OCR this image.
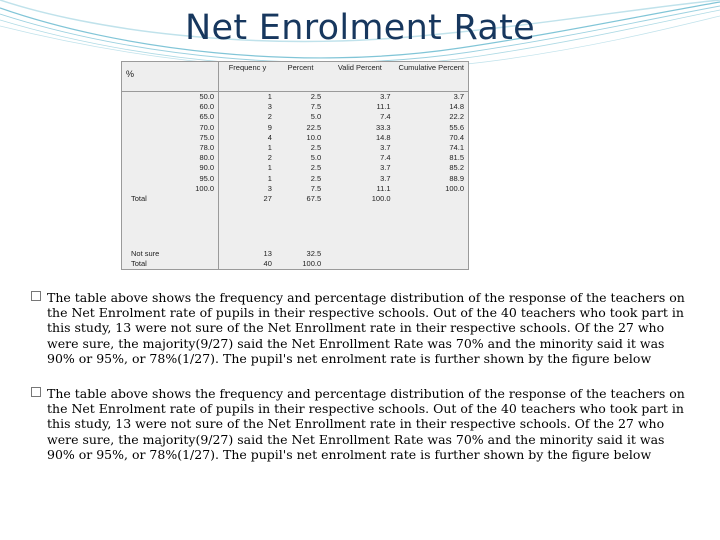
Net Enrolment Rate
%	Frequenc y	Percent	Valid Percent	Cumulative Percent
50.0	1	2.5	3.7	3.7
60.0	3	7.5	11.1	14.8
65.0	2	5.0	7.4	22.2
70.0	9	22.5	33.3	55.6
75.0	4	10.0	14.8	70.4
78.0	1	2.5	3.7	74.1
80.0	2	5.0	7.4	81.5
90.0	1	2.5	3.7	85.2
95.0	1	2.5	3.7	88.9
100.0	3	7.5	11.1	100.0
Total	27	67.5	100.0	

Not sure	13	32.5		
Total	40	100.0		
The table above shows the frequency and percentage distribution of the response of the teachers on the Net Enrolment rate of pupils in their respective schools. Out of the 40 teachers who took part in this study, 13 were not sure of the Net Enrollment rate in their respective schools. Of the 27 who were sure, the majority(9/27) said the Net Enrollment Rate was 70% and the minority said it was 90% or 95%, or 78%(1/27). The pupil's net enrolment rate is further shown by the figure below
The table above shows the frequency and percentage distribution of the response of the teachers on the Net Enrolment rate of pupils in their respective schools. Out of the 40 teachers who took part in this study, 13 were not sure of the Net Enrollment rate in their respective schools. Of the 27 who were sure, the majority(9/27) said the Net Enrollment Rate was 70% and the minority said it was 90% or 95%, or 78%(1/27). The pupil's net enrolment rate is further shown by the figure below
